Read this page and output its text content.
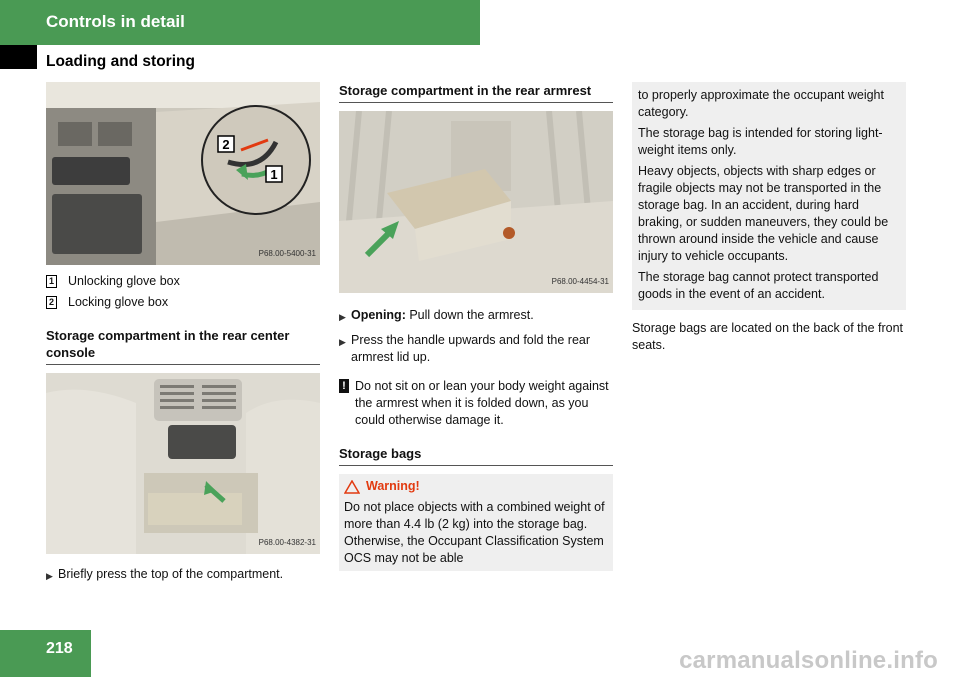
Controls in detail
Loading and storing
2
1
P68.00-5400-31
1 Unlocking glove box
2 Locking glove box
Storage compartment in the rear center console
P68.00-4382-31
▶ Briefly press the top of the compartment.
Storage compartment in the rear armrest
P68.00-4454-31
▶ Opening: Pull down the armrest.
▶ Press the handle upwards and fold the rear armrest lid up.
! Do not sit on or lean your body weight against the armrest when it is folded down, as you could otherwise damage it.
Storage bags
Warning!

Do not place objects with a combined weight of more than 4.4 lb (2 kg) into the storage bag. Otherwise, the Occupant Classification System OCS may not be able

to properly approximate the occupant weight category.

The storage bag is intended for storing light-weight items only.

Heavy objects, objects with sharp edges or fragile objects may not be transported in the storage bag. In an accident, during hard braking, or sudden maneuvers, they could be thrown around inside the vehicle and cause injury to vehicle occupants.

The storage bag cannot protect transported goods in the event of an accident.

Storage bags are located on the back of the front seats.

218	carmanualsonline.info
